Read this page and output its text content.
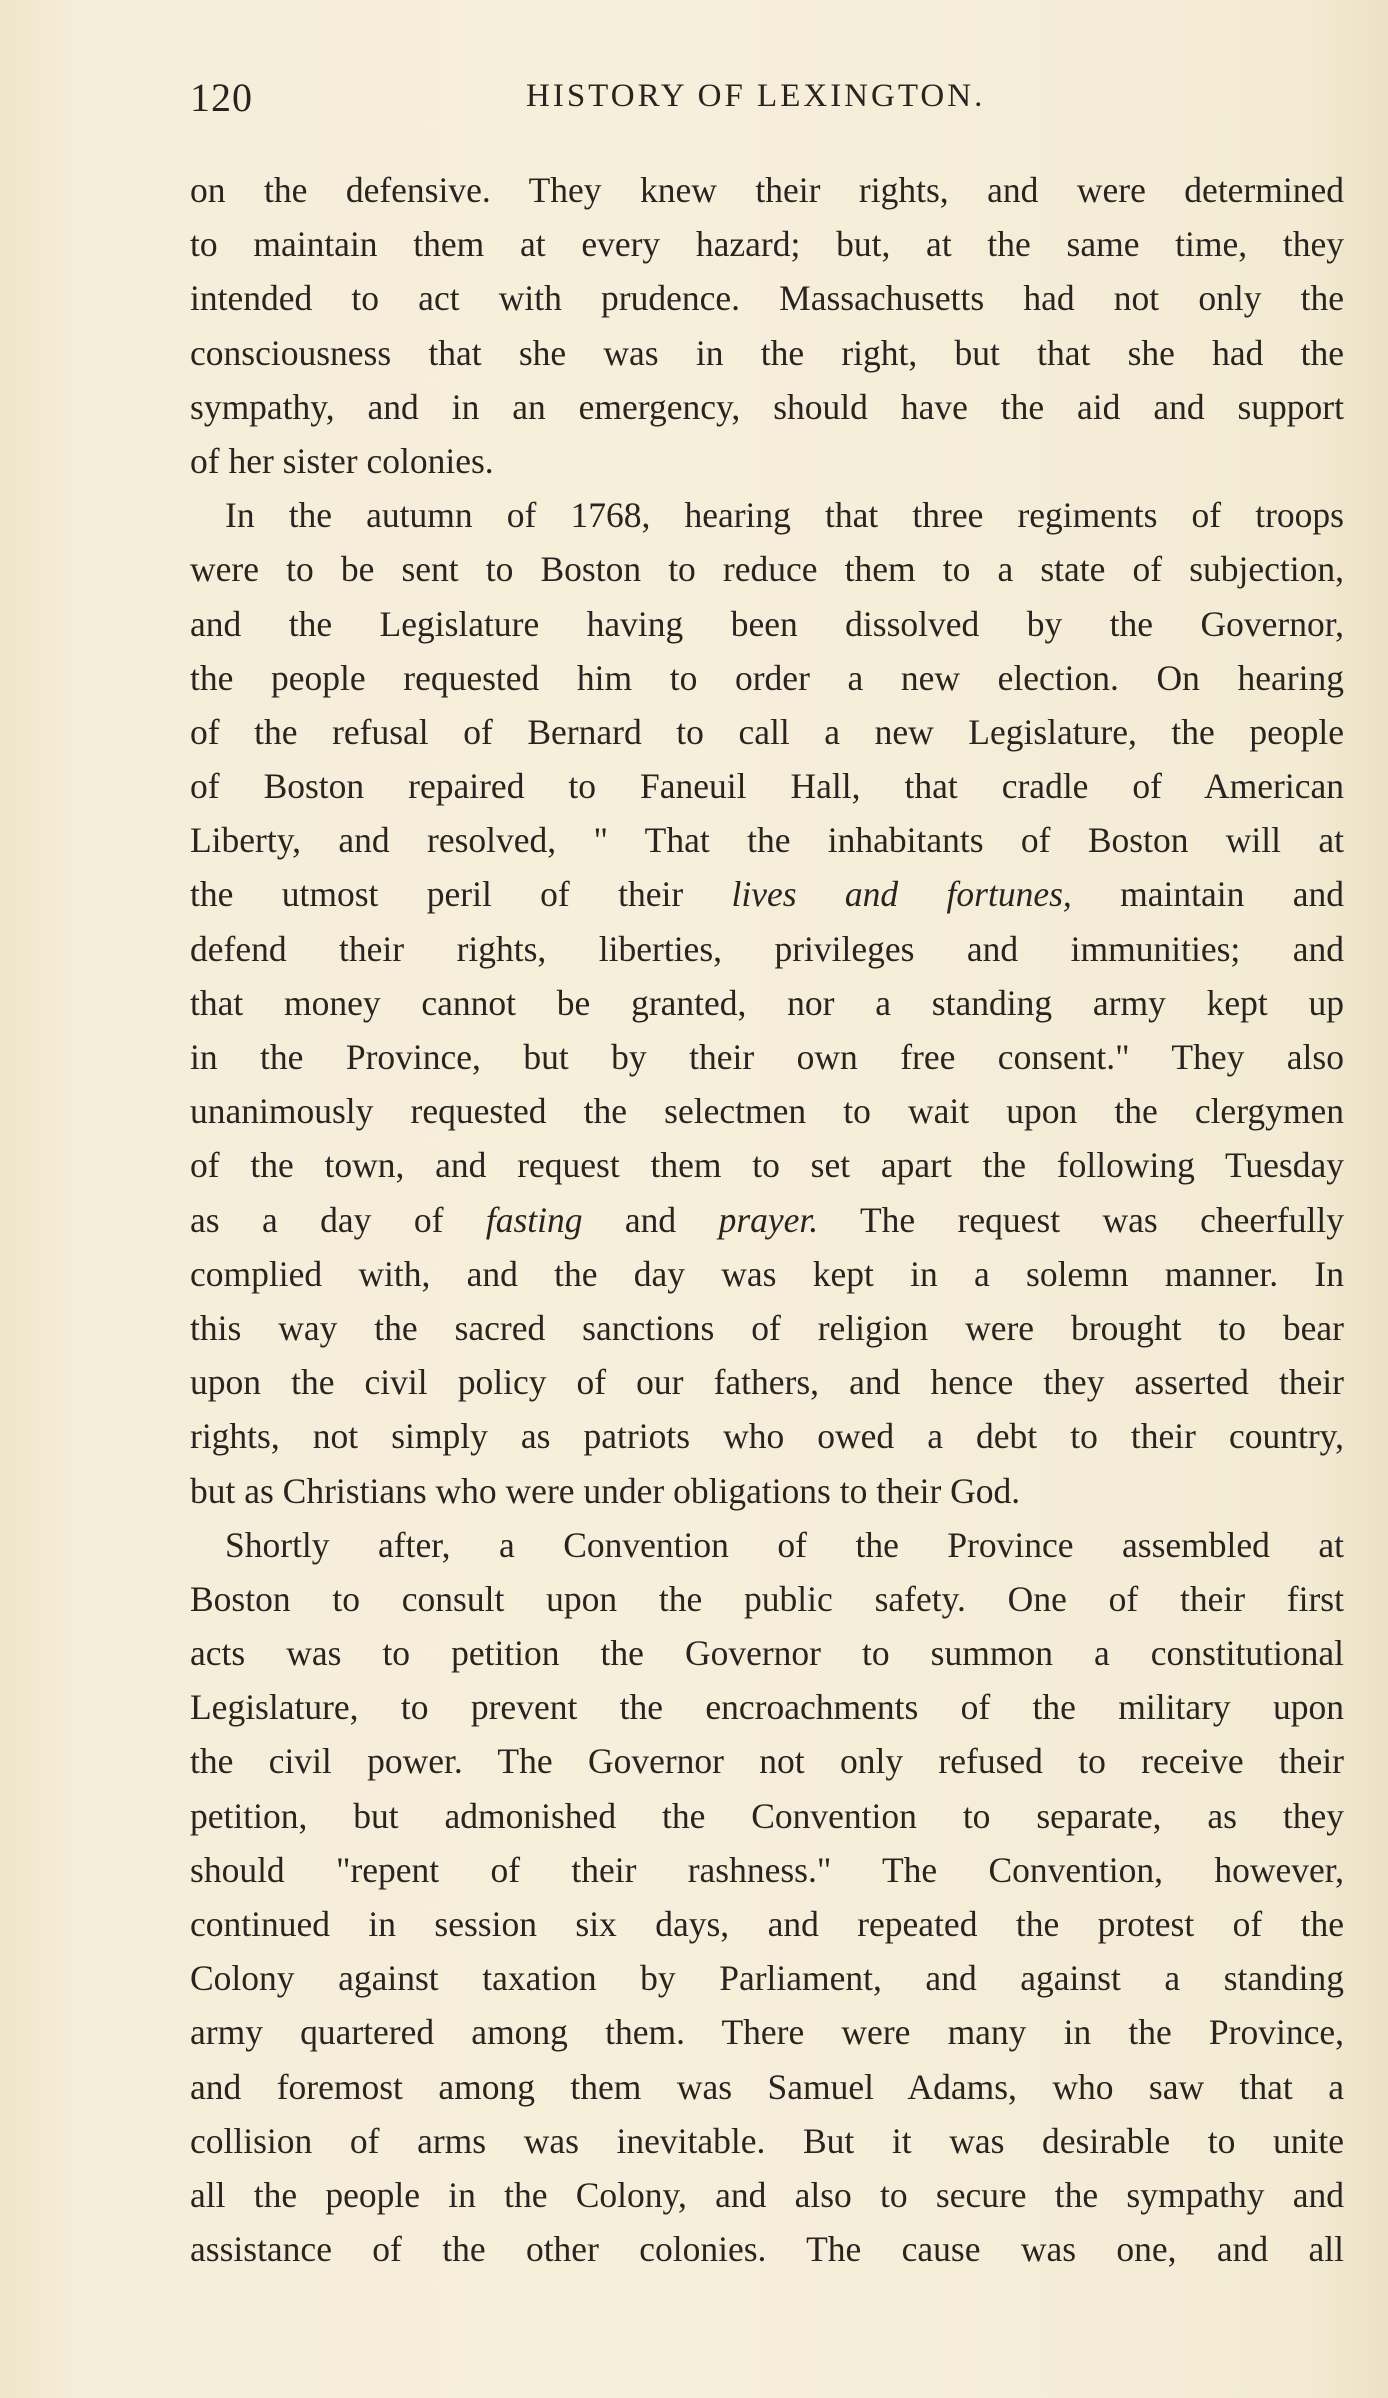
120	HISTORY OF LEXINGTON.
on the defensive. They knew their rights, and were determined
to maintain them at every hazard; but, at the same time, they
intended to act with prudence. Massachusetts had not only the
consciousness that she was in the right, but that she had the
sympathy, and in an emergency, should have the aid and support
of her sister colonies.
In the autumn of 1768, hearing that three regiments of troops
were to be sent to Boston to reduce them to a state of subjection,
and the Legislature having been dissolved by the Governor,
the people requested him to order a new election. On hearing
of the refusal of Bernard to call a new Legislature, the people
of Boston repaired to Faneuil Hall, that cradle of American
Liberty, and resolved, " That the inhabitants of Boston will at
the utmost peril of their lives and fortunes, maintain and
defend their rights, liberties, privileges and immunities; and
that money cannot be granted, nor a standing army kept up
in the Province, but by their own free consent." They also
unanimously requested the selectmen to wait upon the clergymen
of the town, and request them to set apart the following Tuesday
as a day of fasting and prayer. The request was cheerfully
complied with, and the day was kept in a solemn manner. In
this way the sacred sanctions of religion were brought to bear
upon the civil policy of our fathers, and hence they asserted their
rights, not simply as patriots who owed a debt to their country,
but as Christians who were under obligations to their God.
Shortly after, a Convention of the Province assembled at
Boston to consult upon the public safety. One of their first
acts was to petition the Governor to summon a constitutional
Legislature, to prevent the encroachments of the military upon
the civil power. The Governor not only refused to receive their
petition, but admonished the Convention to separate, as they
should "repent of their rashness." The Convention, however,
continued in session six days, and repeated the protest of the
Colony against taxation by Parliament, and against a standing
army quartered among them. There were many in the Province,
and foremost among them was Samuel Adams, who saw that a
collision of arms was inevitable. But it was desirable to unite
all the people in the Colony, and also to secure the sympathy and
assistance of the other colonies. The cause was one, and all
